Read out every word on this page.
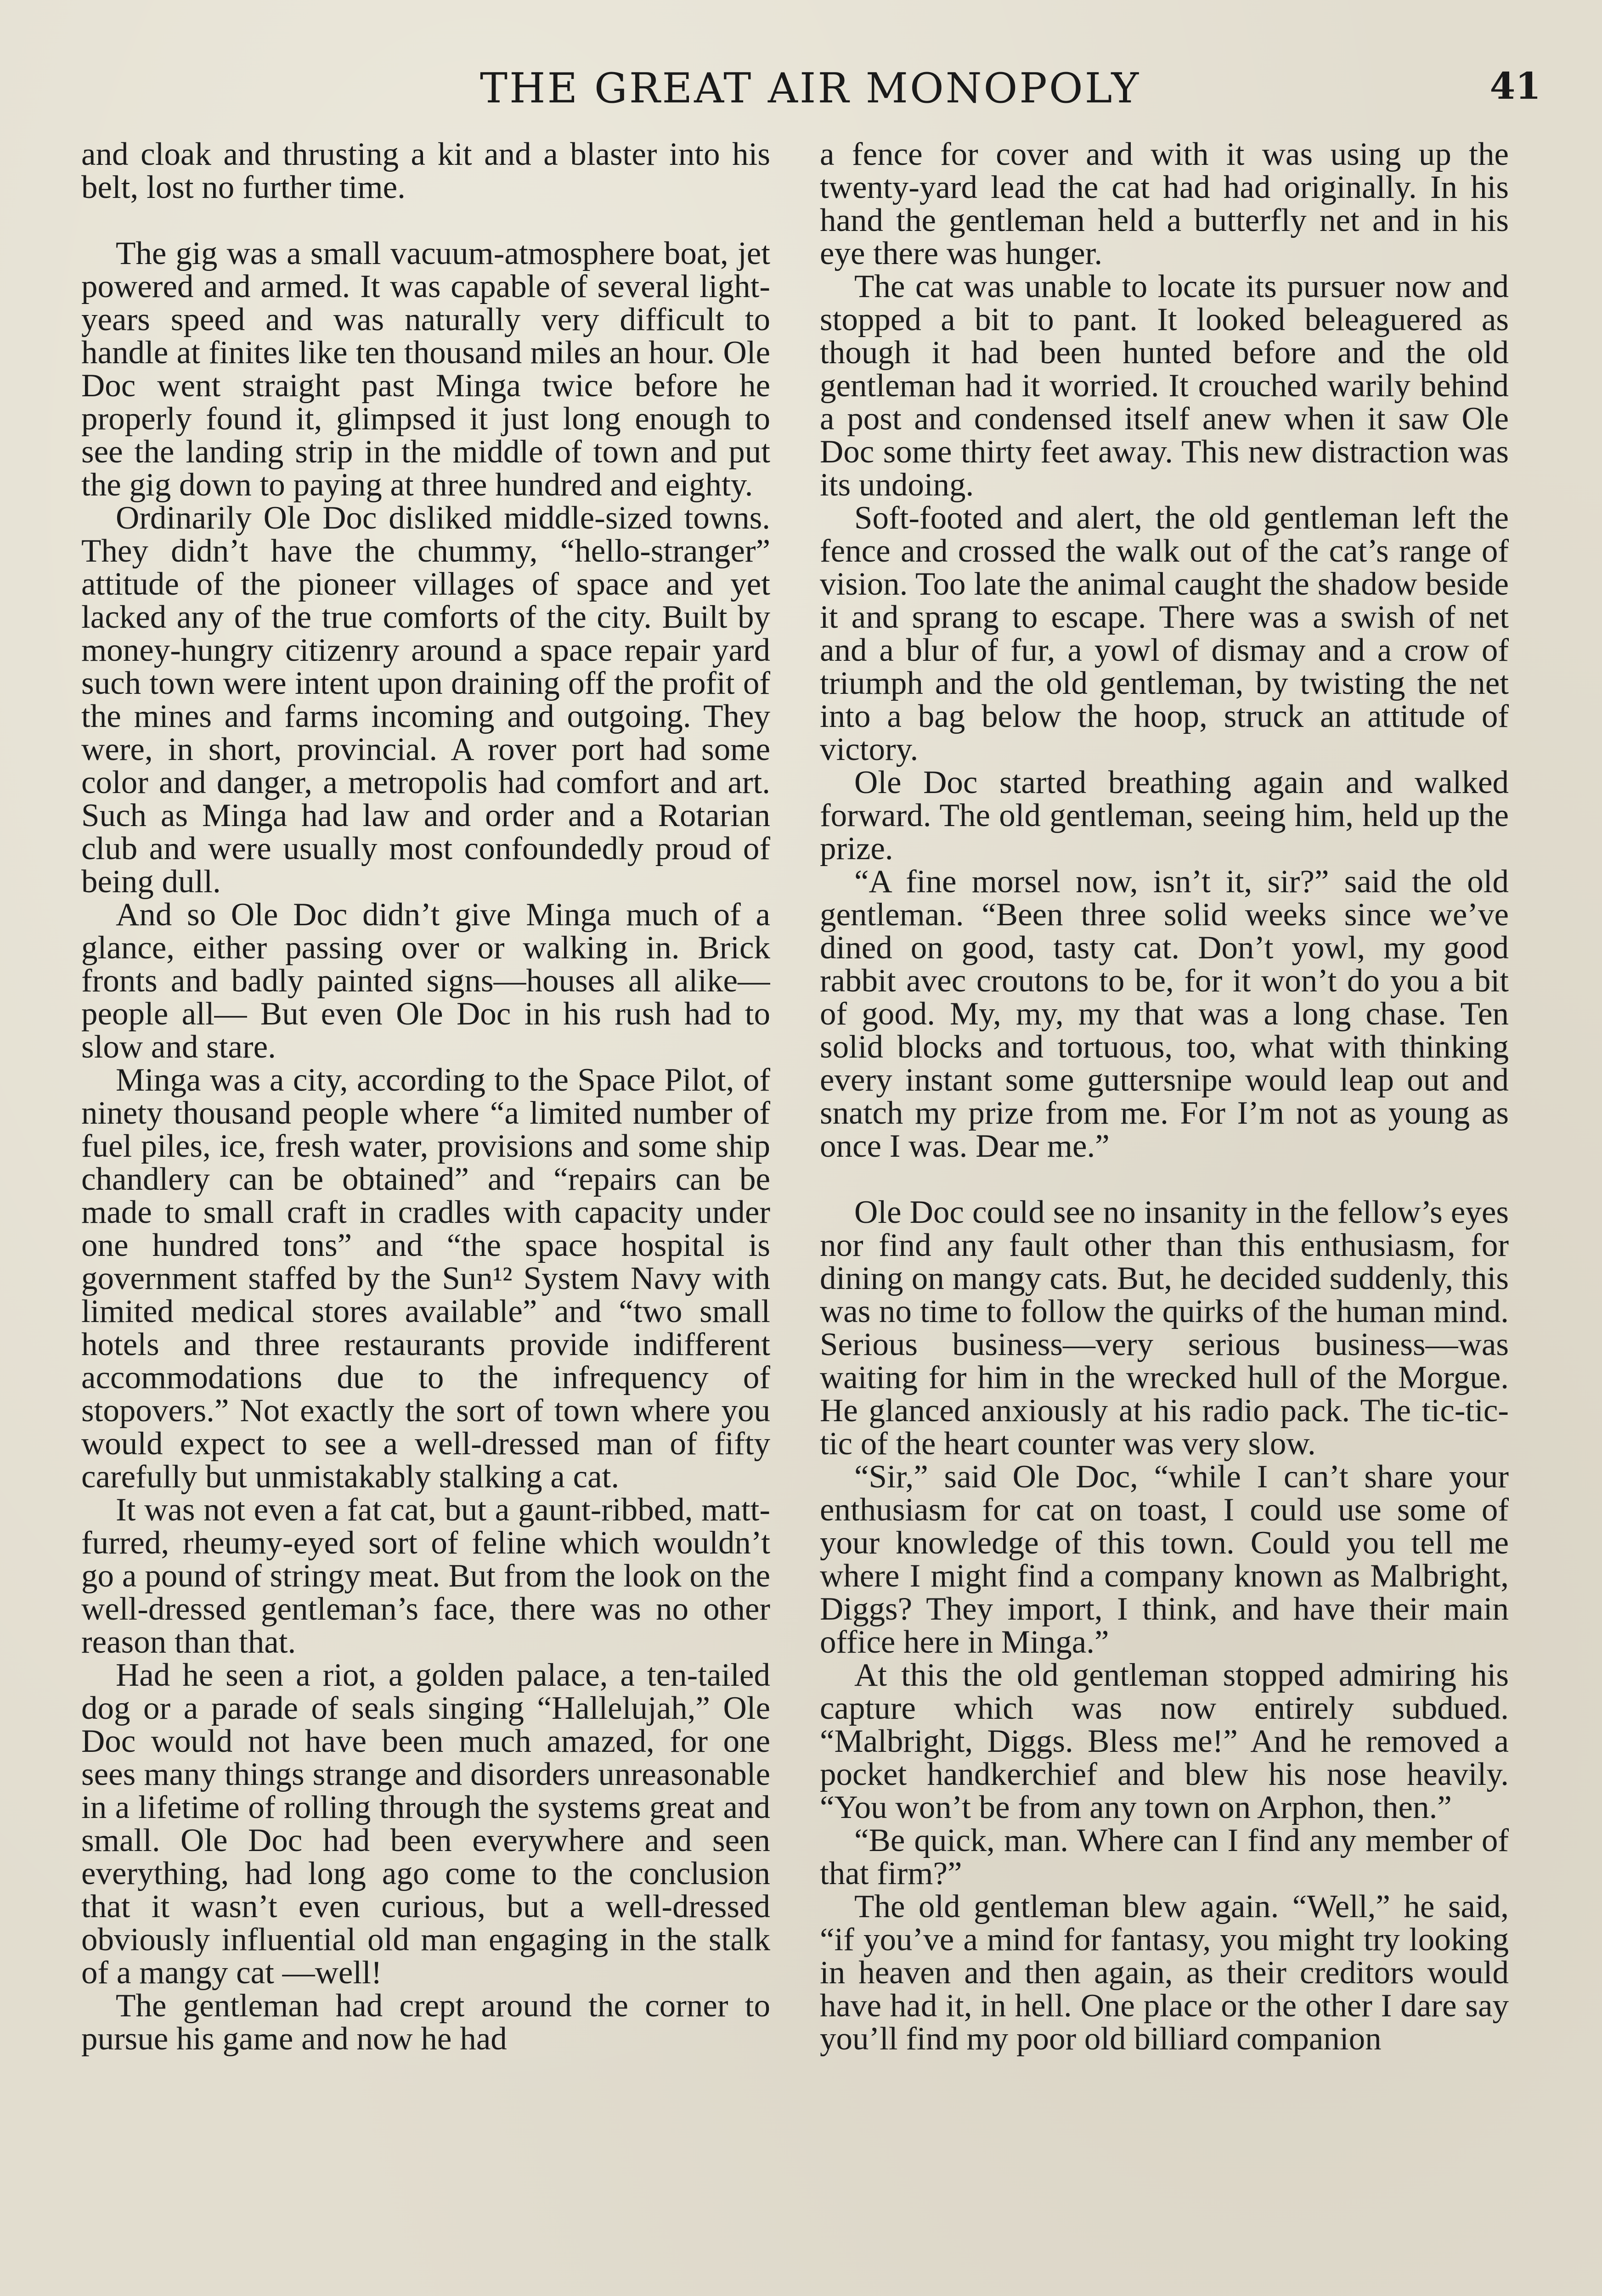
THE GREAT AIR MONOPOLY	41

and cloak and thrusting a kit and a blaster into his belt, lost no further time.

The gig was a small vacuum-atmosphere boat, jet powered and armed. It was capable of several light-years speed and was naturally very difficult to handle at finites like ten thousand miles an hour. Ole Doc went straight past Minga twice before he properly found it, glimpsed it just long enough to see the landing strip in the middle of town and put the gig down to paying at three hundred and eighty.

Ordinarily Ole Doc disliked middle-sized towns. They didn’t have the chummy, “hello-stranger” attitude of the pioneer villages of space and yet lacked any of the true comforts of the city. Built by money-hungry citizenry around a space repair yard such town were intent upon draining off the profit of the mines and farms incoming and outgoing. They were, in short, provincial. A rover port had some color and danger, a metropolis had comfort and art. Such as Minga had law and order and a Rotarian club and were usually most confoundedly proud of being dull.

And so Ole Doc didn’t give Minga much of a glance, either passing over or walking in. Brick fronts and badly painted signs—houses all alike—people all— But even Ole Doc in his rush had to slow and stare.

Minga was a city, according to the Space Pilot, of ninety thousand people where “a limited number of fuel piles, ice, fresh water, provisions and some ship chandlery can be obtained” and “repairs can be made to small craft in cradles with capacity under one hundred tons” and “the space hospital is government staffed by the Sun¹² System Navy with limited medical stores available” and “two small hotels and three restaurants provide indifferent accommodations due to the infrequency of stopovers.” Not exactly the sort of town where you would expect to see a well-dressed man of fifty carefully but unmistakably stalking a cat.

It was not even a fat cat, but a gaunt-ribbed, matt-furred, rheumy-eyed sort of feline which wouldn’t go a pound of stringy meat. But from the look on the well-dressed gentleman’s face, there was no other reason than that.

Had he seen a riot, a golden palace, a ten-tailed dog or a parade of seals singing “Hallelujah,” Ole Doc would not have been much amazed, for one sees many things strange and disorders unreasonable in a lifetime of rolling through the systems great and small. Ole Doc had been everywhere and seen everything, had long ago come to the conclusion that it wasn’t even curious, but a well-dressed obviously influential old man engaging in the stalk of a mangy cat —well!

The gentleman had crept around the corner to pursue his game and now he had

a fence for cover and with it was using up the twenty-yard lead the cat had had originally. In his hand the gentleman held a butterfly net and in his eye there was hunger.

The cat was unable to locate its pursuer now and stopped a bit to pant. It looked beleaguered as though it had been hunted before and the old gentleman had it worried. It crouched warily behind a post and condensed itself anew when it saw Ole Doc some thirty feet away. This new distraction was its undoing.

Soft-footed and alert, the old gentleman left the fence and crossed the walk out of the cat’s range of vision. Too late the animal caught the shadow beside it and sprang to escape. There was a swish of net and a blur of fur, a yowl of dismay and a crow of triumph and the old gentleman, by twisting the net into a bag below the hoop, struck an attitude of victory.

Ole Doc started breathing again and walked forward. The old gentleman, seeing him, held up the prize.

“A fine morsel now, isn’t it, sir?” said the old gentleman. “Been three solid weeks since we’ve dined on good, tasty cat. Don’t yowl, my good rabbit avec croutons to be, for it won’t do you a bit of good. My, my, my that was a long chase. Ten solid blocks and tortuous, too, what with thinking every instant some guttersnipe would leap out and snatch my prize from me. For I’m not as young as once I was. Dear me.”

Ole Doc could see no insanity in the fellow’s eyes nor find any fault other than this enthusiasm, for dining on mangy cats. But, he decided suddenly, this was no time to follow the quirks of the human mind. Serious business—very serious business—was waiting for him in the wrecked hull of the Morgue. He glanced anxiously at his radio pack. The tic-tic-tic of the heart counter was very slow.

“Sir,” said Ole Doc, “while I can’t share your enthusiasm for cat on toast, I could use some of your knowledge of this town. Could you tell me where I might find a company known as Malbright, Diggs? They import, I think, and have their main office here in Minga.”

At this the old gentleman stopped admiring his capture which was now entirely subdued. “Malbright, Diggs. Bless me!” And he removed a pocket handkerchief and blew his nose heavily. “You won’t be from any town on Arphon, then.”

“Be quick, man. Where can I find any member of that firm?”

The old gentleman blew again. “Well,” he said, “if you’ve a mind for fantasy, you might try looking in heaven and then again, as their creditors would have had it, in hell. One place or the other I dare say you’ll find my poor old billiard companion
